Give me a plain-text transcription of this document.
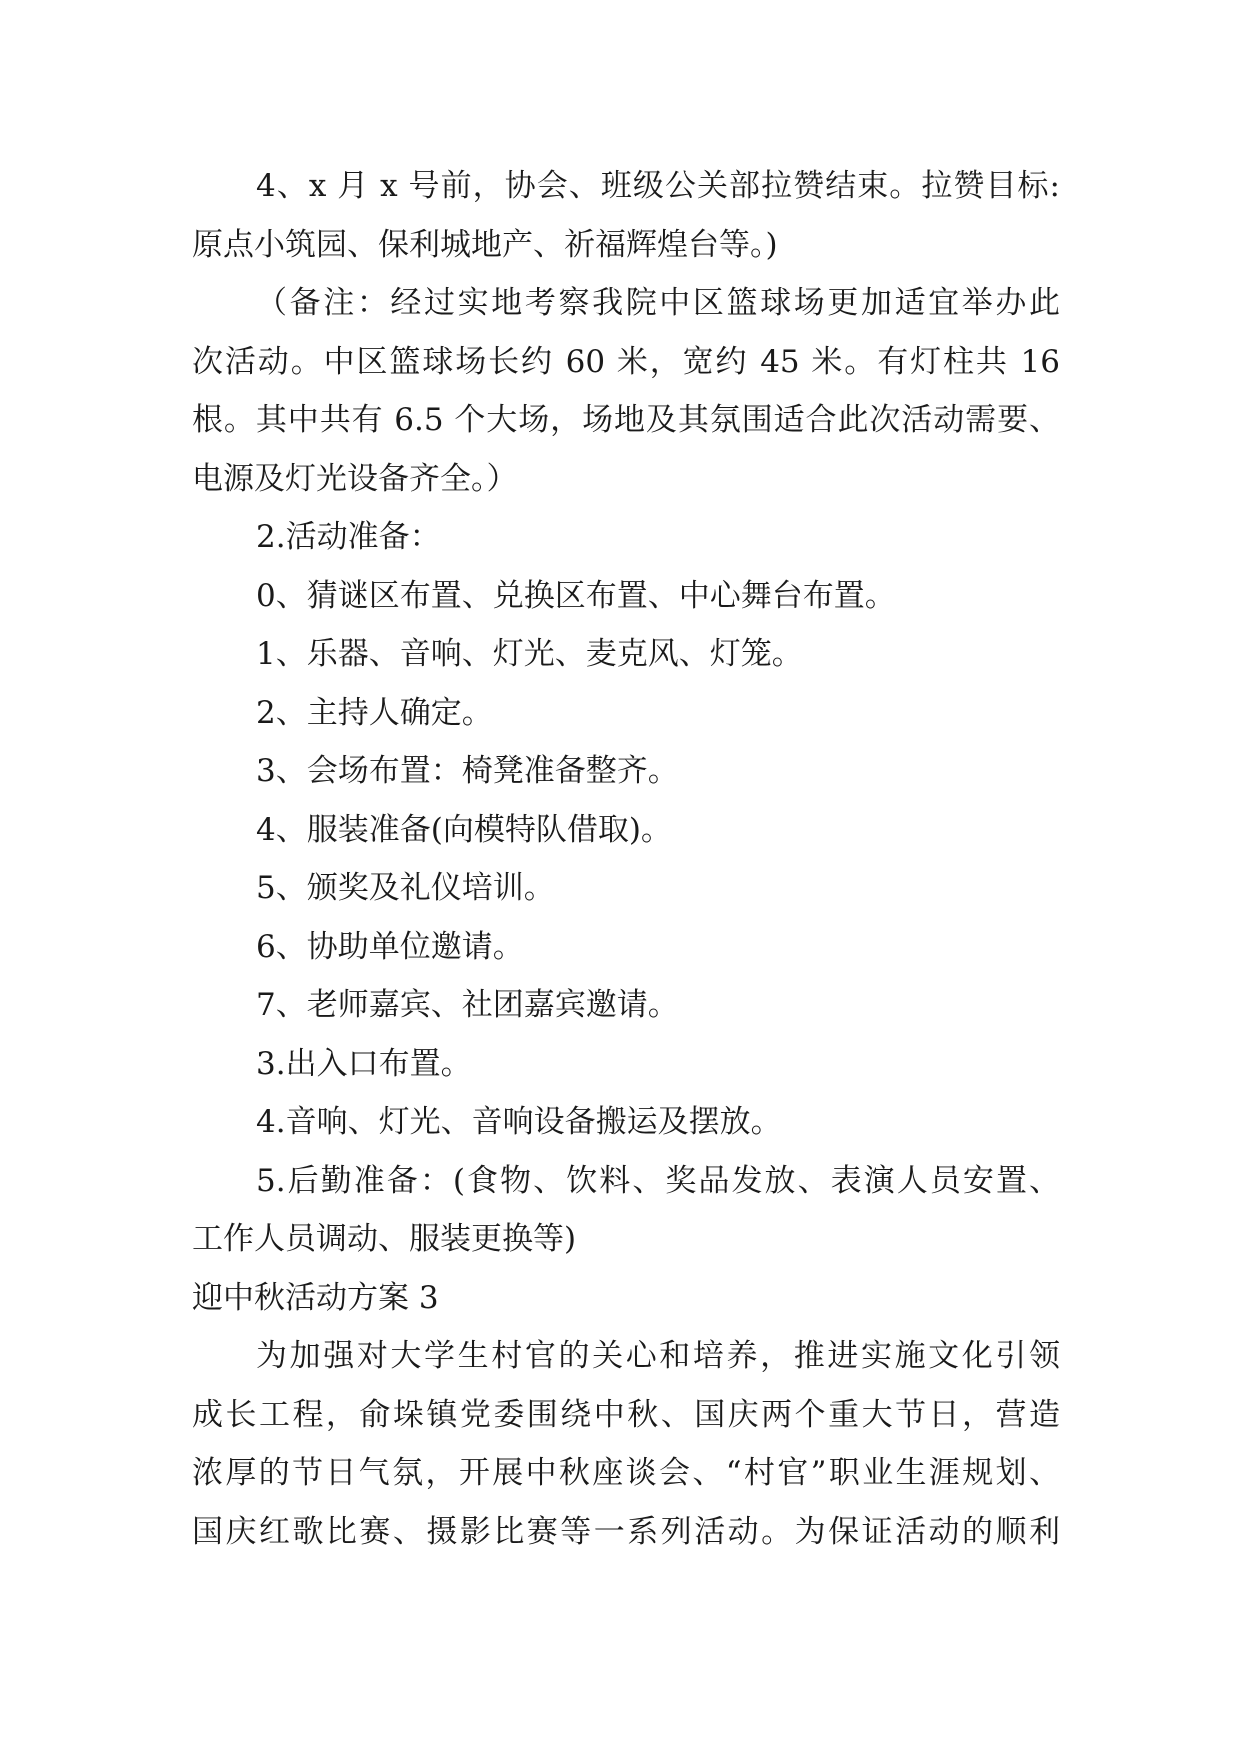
4、x 月 x 号前，协会、班级公关部拉赞结束。拉赞目标:
原点小筑园、保利城地产、祈福辉煌台等。)
（备注：经过实地考察我院中区篮球场更加适宜举办此
次活动。中区篮球场长约 60 米，宽约 45 米。有灯柱共 16
根。其中共有 6.5 个大场，场地及其氛围适合此次活动需要、
电源及灯光设备齐全。）
2.活动准备：
0、猜谜区布置、兑换区布置、中心舞台布置。
1、乐器、音响、灯光、麦克风、灯笼。
2、主持人确定。
3、会场布置：椅凳准备整齐。
4、服装准备(向模特队借取)。
5、颁奖及礼仪培训。
6、协助单位邀请。
7、老师嘉宾、社团嘉宾邀请。
3.出入口布置。
4.音响、灯光、音响设备搬运及摆放。
5.后勤准备：(食物、饮料、奖品发放、表演人员安置、
工作人员调动、服装更换等)
迎中秋活动方案 3
为加强对大学生村官的关心和培养，推进实施文化引领
成长工程，俞垛镇党委围绕中秋、国庆两个重大节日，营造
浓厚的节日气氛，开展中秋座谈会、“村官”职业生涯规划、
国庆红歌比赛、摄影比赛等一系列活动。为保证活动的顺利
